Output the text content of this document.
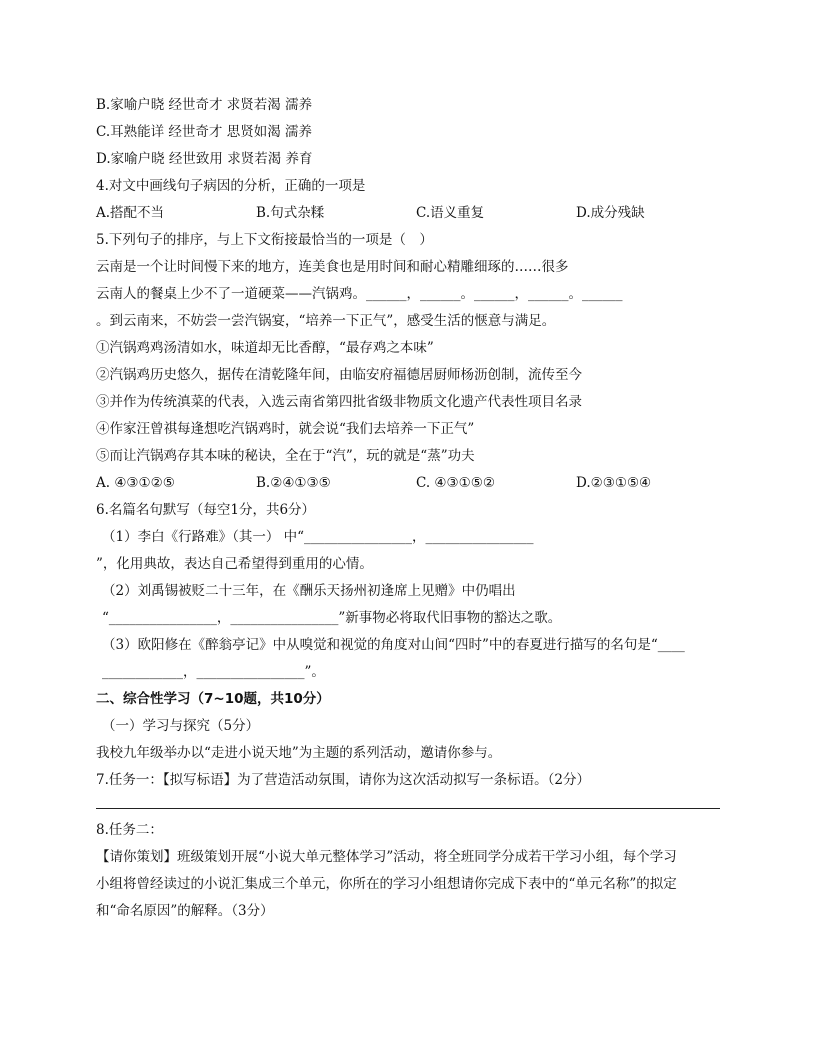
B.家喻户晓 经世奇才 求贤若渴 濡养
C.耳熟能详 经世奇才 思贤如渴 濡养
D.家喻户晓 经世致用 求贤若渴 养育
4.对文中画线句子病因的分析，正确的一项是
A.搭配不当	B.句式杂糅	C.语义重复	D.成分残缺
5.下列句子的排序，与上下文衔接最恰当的一项是（　）
云南是一个让时间慢下来的地方，连美食也是用时间和耐心精雕细琢的……很多
云南人的餐桌上少不了一道硬菜——汽锅鸡。______，______。______，______。______
。到云南来，不妨尝一尝汽锅宴，“培养一下正气”，感受生活的惬意与满足。
①汽锅鸡鸡汤清如水，味道却无比香醇，“最存鸡之本味”
②汽锅鸡历史悠久，据传在清乾隆年间，由临安府福德居厨师杨沥创制，流传至今
③并作为传统滇菜的代表，入选云南省第四批省级非物质文化遗产代表性项目名录
④作家汪曾祺每逢想吃汽锅鸡时，就会说“我们去培养一下正气”
⑤而让汽锅鸡存其本味的秘诀，全在于“汽”，玩的就是“蒸”功夫
A. ④③①②⑤	B.②④①③⑤	C. ④③①⑤②	D.②③①⑤④
6.名篇名句默写（每空1分，共6分）
（1）李白《行路难》（其一） 中“________________，________________
”，化用典故，表达自己希望得到重用的心情。
（2）刘禹锡被贬二十三年，在《酬乐天扬州初逢席上见赠》中仍唱出
“________________，________________”新事物必将取代旧事物的豁达之歌。
（3）欧阳修在《醉翁亭记》中从嗅觉和视觉的角度对山间“四时”中的春夏进行描写的名句是“____
____________，________________”。
二、综合性学习（7~10题，共10分）
（一）学习与探究（5分）
我校九年级举办以“走进小说天地”为主题的系列活动，邀请你参与。
7.任务一：【拟写标语】为了营造活动氛围，请你为这次活动拟写一条标语。（2分）
8.任务二：
【请你策划】班级策划开展“小说大单元整体学习”活动，将全班同学分成若干学习小组，每个学习
小组将曾经读过的小说汇集成三个单元，你所在的学习小组想请你完成下表中的“单元名称”的拟定
和“命名原因”的解释。（3分）
